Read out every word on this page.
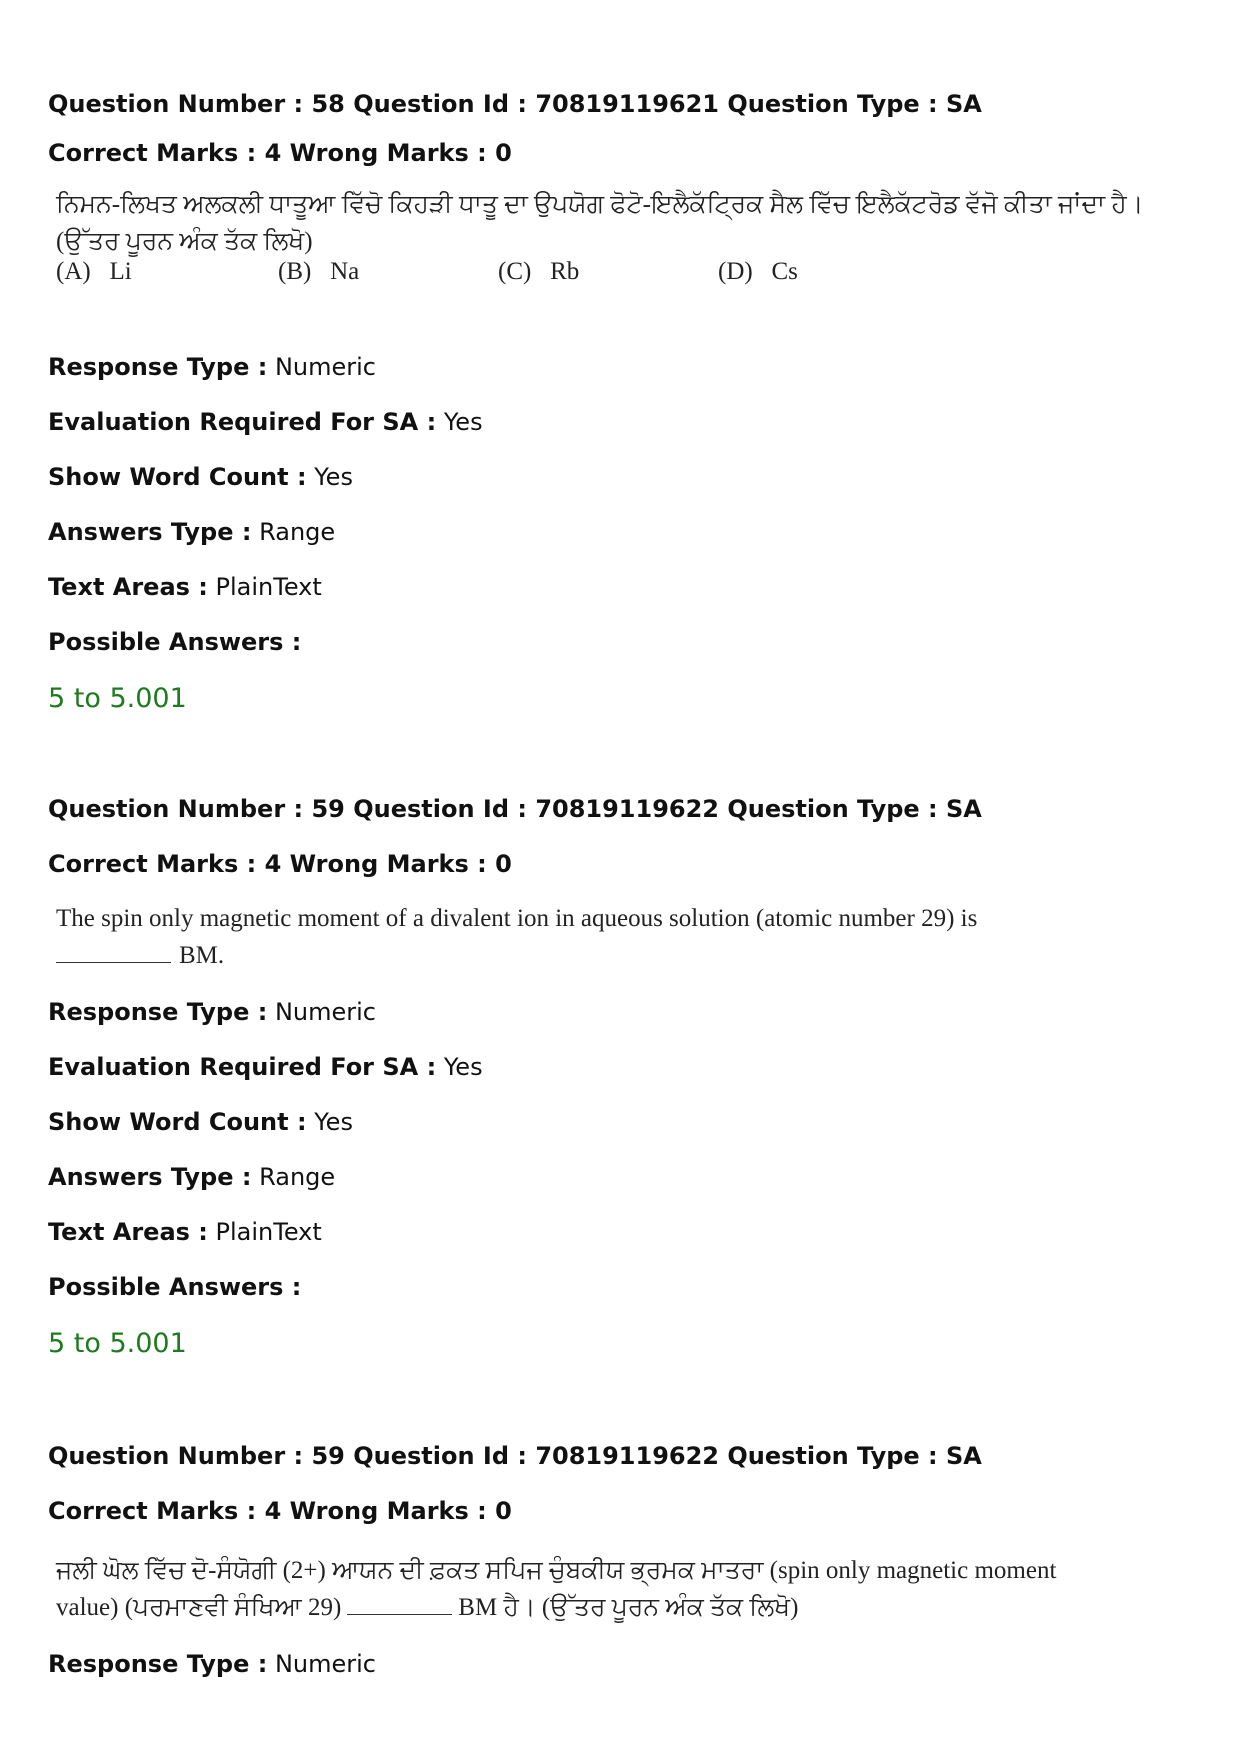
Question Number : 58 Question Id : 70819119621 Question Type : SA
Correct Marks : 4 Wrong Marks : 0
ਨਿਮਨ-ਲਿਖਤ ਅਲਕਲੀ ਧਾਤੂਆ ਵਿੱਚੋ ਕਿਹੜੀ ਧਾਤੂ ਦਾ ਉਪਯੋਗ ਫੋਟੋ-ਇਲੈਕੱਟ੍ਰਿਕ ਸੈਲ ਵਿੱਚ ਇਲੈਕੱਟਰੋਡ ਵੱਜੋ ਕੀਤਾ ਜਾਂਦਾ ਹੈ।
(ਉੱਤਰ ਪੂਰਨ ਅੰਕ ਤੱਕ ਲਿਖੋ)
(A) Li	(B) Na	(C) Rb	(D) Cs
Response Type : Numeric
Evaluation Required For SA : Yes
Show Word Count : Yes
Answers Type : Range
Text Areas : PlainText
Possible Answers :
5 to 5.001
Question Number : 59 Question Id : 70819119622 Question Type : SA
Correct Marks : 4 Wrong Marks : 0
The spin only magnetic moment of a divalent ion in aqueous solution (atomic number 29) is
BM.
Response Type : Numeric
Evaluation Required For SA : Yes
Show Word Count : Yes
Answers Type : Range
Text Areas : PlainText
Possible Answers :
5 to 5.001
Question Number : 59 Question Id : 70819119622 Question Type : SA
Correct Marks : 4 Wrong Marks : 0
ਜਲੀ ਘੋਲ ਵਿੱਚ ਦੋ-ਸੰਯੋਗੀ (2+) ਆਯਨ ਦੀ ਫ਼ਕਤ ਸਪਿਜ ਚੁੰਬਕੀਯ ਭ੍ਰਮਕ ਮਾਤਰਾ (spin only magnetic moment
value) (ਪਰਮਾਣਵੀ ਸੰਖਿਆ 29)	BM ਹੈ। (ਉੱਤਰ ਪੂਰਨ ਅੰਕ ਤੱਕ ਲਿਖੋ)
Response Type : Numeric
